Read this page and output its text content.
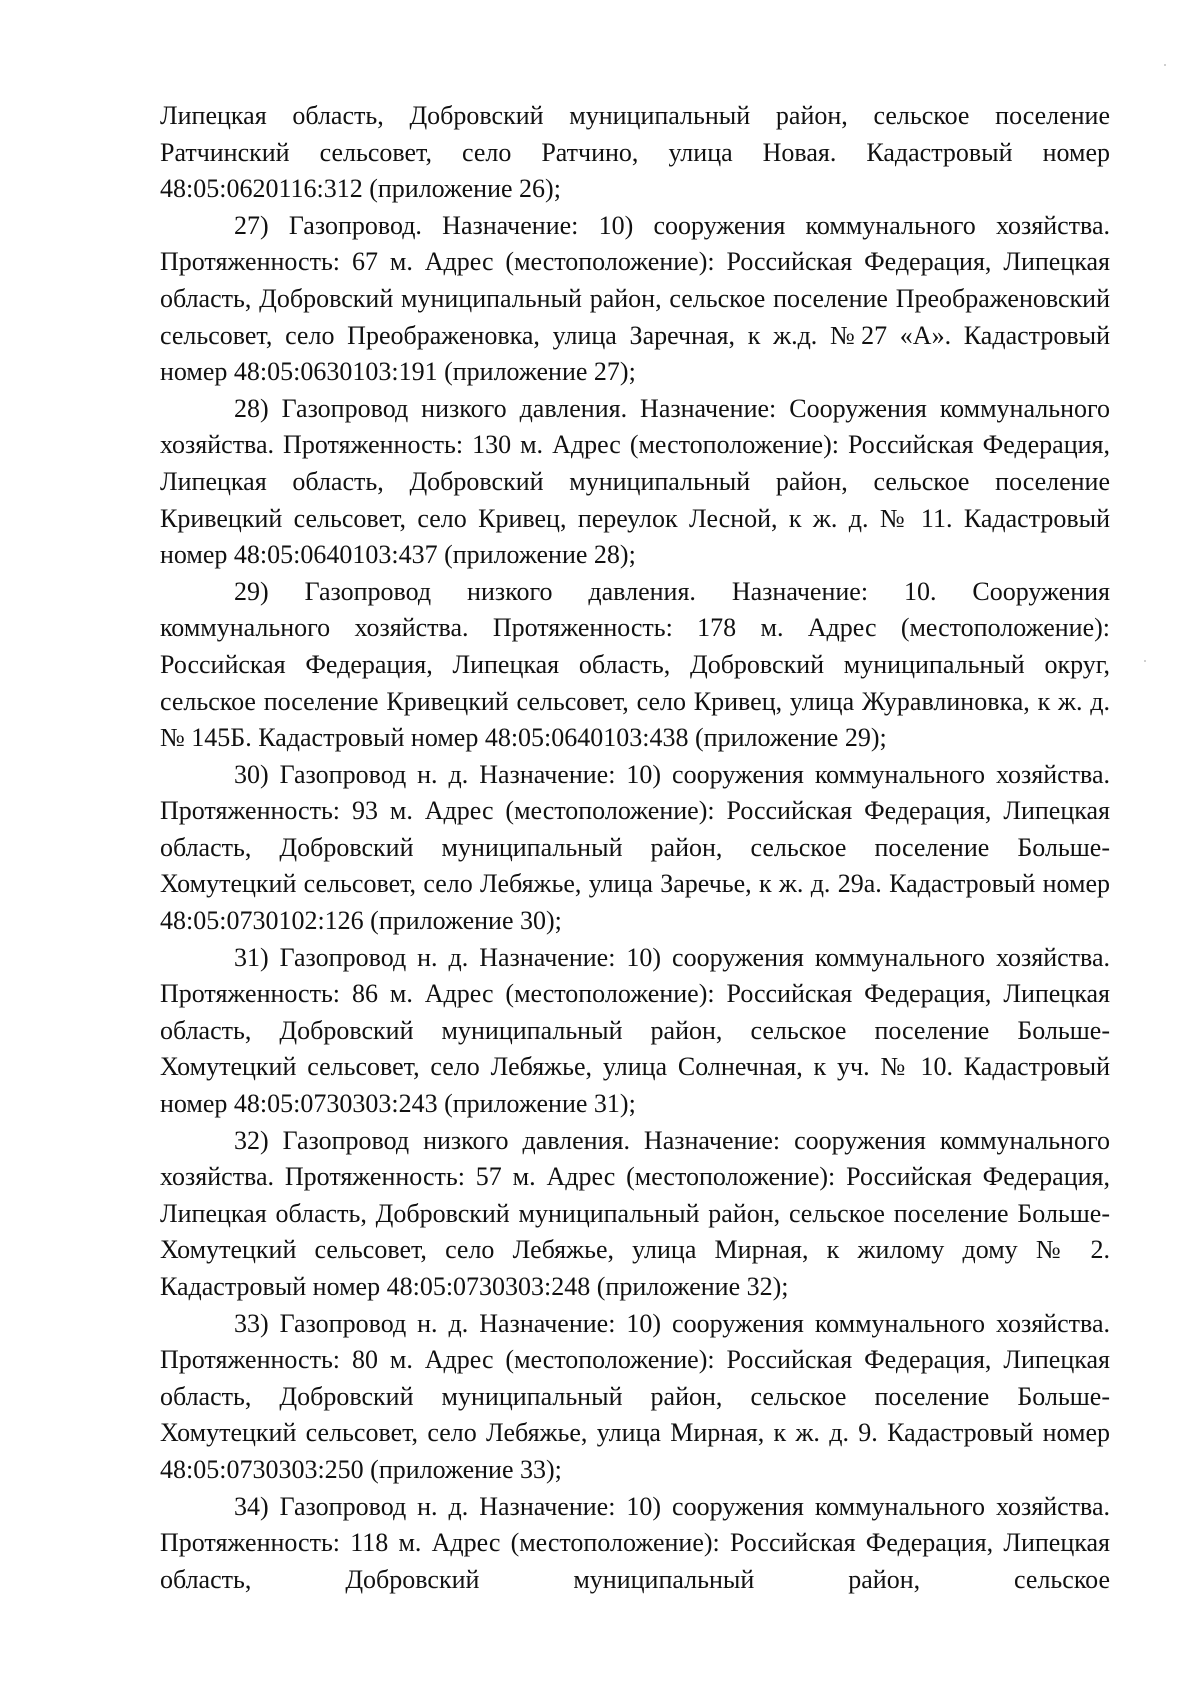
Липецкая область, Добровский муниципальный район, сельское поселение Ратчинский сельсовет, село Ратчино, улица Новая. Кадастровый номер 48:05:0620116:312 (приложение 26);

27) Газопровод. Назначение: 10) сооружения коммунального хозяйства. Протяженность: 67 м. Адрес (местоположение): Российская Федерация, Липецкая область, Добровский муниципальный район, сельское поселение Преображеновский сельсовет, село Преображеновка, улица Заречная, к ж.д. №27 «А». Кадастровый номер 48:05:0630103:191 (приложение 27);

28) Газопровод низкого давления. Назначение: Сооружения коммунального хозяйства. Протяженность: 130 м. Адрес (местоположение): Российская Федерация, Липецкая область, Добровский муниципальный район, сельское поселение Кривецкий сельсовет, село Кривец, переулок Лесной, к ж. д. № 11. Кадастровый номер 48:05:0640103:437 (приложение 28);

29) Газопровод низкого давления. Назначение: 10. Сооружения коммунального хозяйства. Протяженность: 178 м. Адрес (местоположение): Российская Федерация, Липецкая область, Добровский муниципальный округ, сельское поселение Кривецкий сельсовет, село Кривец, улица Журавлиновка, к ж. д. № 145Б. Кадастровый номер 48:05:0640103:438 (приложение 29);

30) Газопровод н. д. Назначение: 10) сооружения коммунального хозяйства. Протяженность: 93 м. Адрес (местоположение): Российская Федерация, Липецкая область, Добровский муниципальный район, сельское поселение Больше-Хомутецкий сельсовет, село Лебяжье, улица Заречье, к ж. д. 29а. Кадастровый номер 48:05:0730102:126 (приложение 30);

31) Газопровод н. д. Назначение: 10) сооружения коммунального хозяйства. Протяженность: 86 м. Адрес (местоположение): Российская Федерация, Липецкая область, Добровский муниципальный район, сельское поселение Больше-Хомутецкий сельсовет, село Лебяжье, улица Солнечная, к уч. № 10. Кадастровый номер 48:05:0730303:243 (приложение 31);

32) Газопровод низкого давления. Назначение: сооружения коммунального хозяйства. Протяженность: 57 м. Адрес (местоположение): Российская Федерация, Липецкая область, Добровский муниципальный район, сельское поселение Больше-Хомутецкий сельсовет, село Лебяжье, улица Мирная, к жилому дому № 2. Кадастровый номер 48:05:0730303:248 (приложение 32);

33) Газопровод н. д. Назначение: 10) сооружения коммунального хозяйства. Протяженность: 80 м. Адрес (местоположение): Российская Федерация, Липецкая область, Добровский муниципальный район, сельское поселение Больше-Хомутецкий сельсовет, село Лебяжье, улица Мирная, к ж. д. 9. Кадастровый номер 48:05:0730303:250 (приложение 33);

34) Газопровод н. д. Назначение: 10) сооружения коммунального хозяйства. Протяженность: 118 м. Адрес (местоположение): Российская Федерация, Липецкая область, Добровский муниципальный район, сельское
